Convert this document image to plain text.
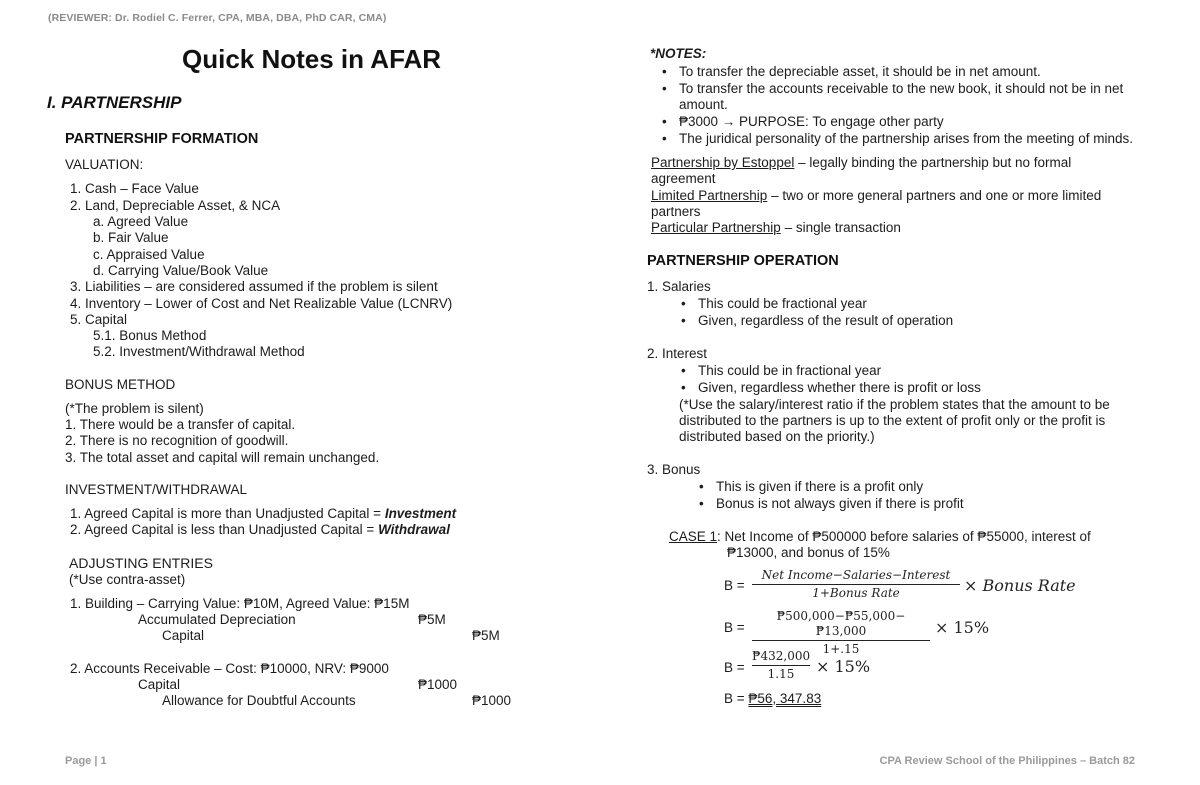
(REVIEWER: Dr. Rodiel C. Ferrer, CPA, MBA, DBA, PhD CAR, CMA)
Quick Notes in AFAR
I. PARTNERSHIP
PARTNERSHIP FORMATION
VALUATION:
1. Cash – Face Value
2. Land, Depreciable Asset, & NCA
a. Agreed Value
b. Fair Value
c. Appraised Value
d. Carrying Value/Book Value
3. Liabilities – are considered assumed if the problem is silent
4. Inventory – Lower of Cost and Net Realizable Value (LCNRV)
5. Capital
5.1. Bonus Method
5.2. Investment/Withdrawal Method
BONUS METHOD
(*The problem is silent)
1. There would be a transfer of capital.
2. There is no recognition of goodwill.
3. The total asset and capital will remain unchanged.
INVESTMENT/WITHDRAWAL
1. Agreed Capital is more than Unadjusted Capital = Investment
2. Agreed Capital is less than Unadjusted Capital = Withdrawal
ADJUSTING ENTRIES
(*Use contra-asset)
1. Building – Carrying Value: ₱10M, Agreed Value: ₱15M
Accumulated Depreciation	₱5M
Capital	₱5M
2. Accounts Receivable – Cost: ₱10000, NRV: ₱9000
Capital	₱1000
Allowance for Doubtful Accounts	₱1000
*NOTES:
• To transfer the depreciable asset, it should be in net amount.
• To transfer the accounts receivable to the new book, it should not be in net
amount.
• ₱3000 → PURPOSE: To engage other party
• The juridical personality of the partnership arises from the meeting of minds.
Partnership by Estoppel – legally binding the partnership but no formal
agreement
Limited Partnership – two or more general partners and one or more limited
partners
Particular Partnership – single transaction
PARTNERSHIP OPERATION
1. Salaries
• This could be fractional year
• Given, regardless of the result of operation
2. Interest
• This could be in fractional year
• Given, regardless whether there is profit or loss
(*Use the salary/interest ratio if the problem states that the amount to be
distributed to the partners is up to the extent of profit only or the profit is
distributed based on the priority.)
3. Bonus
• This is given if there is a profit only
• Bonus is not always given if there is profit
CASE 1: Net Income of ₱500000 before salaries of ₱55000, interest of
₱13000, and bonus of 15%
B =
Net Income−Salaries−Interest
1+Bonus Rate	× Bonus Rate
B =
₱500,000−₱55,000−₱13,000
1+.15
× 15%
B =
₱432,000
1.15	× 15%
B = ₱56, 347.83
Page | 1	CPA Review School of the Philippines – Batch 82
